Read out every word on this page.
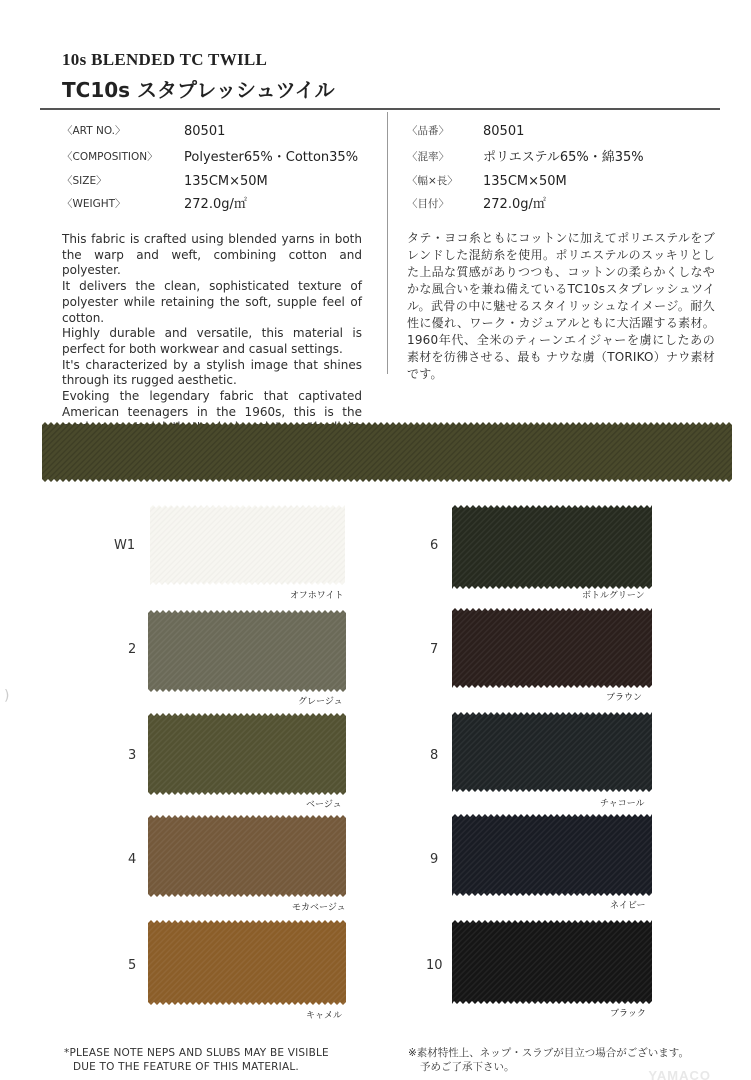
10s BLENDED TC TWILL
TC10s スタプレッシュツイル
〈ART NO.〉	80501
〈COMPOSITION〉 Polyester65%・Cotton35%
〈SIZE〉	135CM×50M
〈WEIGHT〉	272.0g/㎡
〈品番〉	80501
〈混率〉	ポリエステル65%・綿35%
〈幅×長〉 135CM×50M
〈目付〉	272.0g/㎡

This fabric is crafted using blended yarns in both the warp and weft, combining cotton and polyester.

It delivers the clean, sophisticated texture of polyester while retaining the soft, supple feel of cotton.

Highly durable and versatile, this material is perfect for both workwear and casual settings.

It's characterized by a stylish image that shines through its rugged aesthetic.

Evoking the legendary fabric that captivated American teenagers in the 1960s, this is the

タテ・ヨコ糸ともにコットンに加えてポリエステルをブレンドした混紡糸を使用。ポリエステルのスッキリとした上品な質感がありつつも、コットンの柔らかくしなやかな風合いを兼ね備えているTC10sスタプレッシュツイル。武骨の中に魅せるスタイリッシュなイメージ。耐久性に優れ、ワーク・カジュアルともに大活躍する素材。1960年代、全米のティーンエイジャーを虜にしたあの素材を彷彿させる、最も ナウな虜（TORIKO）ナウ素材です。
W1
オフホワイト
2
グレージュ
3
ベージュ
4
モカベージュ
5
キャメル
6
ボトルグリーン
7
ブラウン
8
チャコール
9
ネイビー
10
ブラック
*PLEASE NOTE NEPS AND SLUBS MAY BE VISIBLE
DUE TO THE FEATURE OF THIS MATERIAL.
※素材特性上、ネップ・スラブが目立つ場合がございます。
予めご了承下さい。
YAMACO
)
